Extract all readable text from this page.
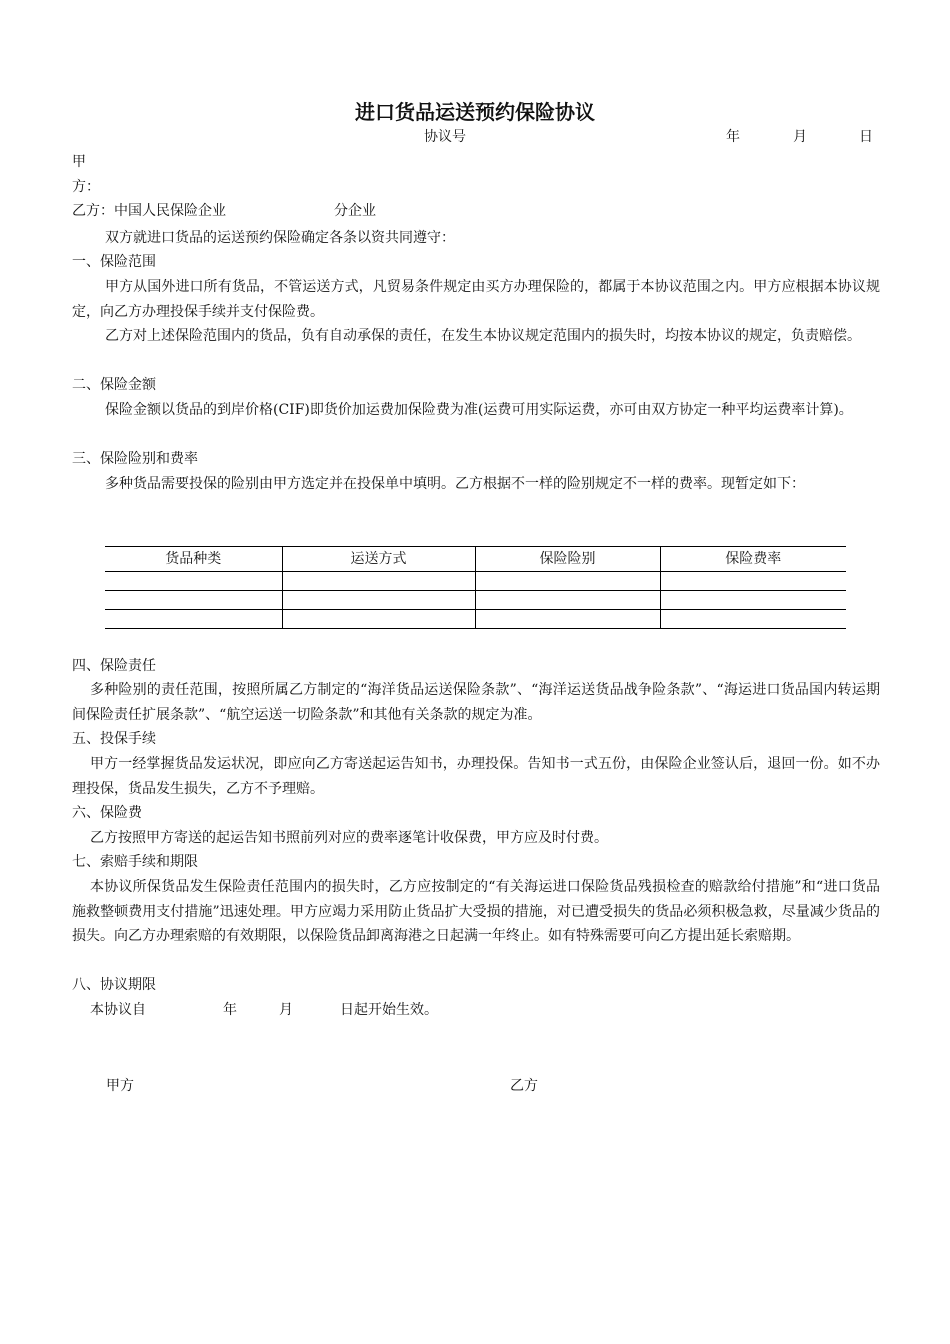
进口货品运送预约保险协议
协议号	年	月	日
甲
方：
乙方：中国人民保险企业	分企业
双方就进口货品的运送预约保险确定各条以资共同遵守：
一、保险范围
甲方从国外进口所有货品，不管运送方式，凡贸易条件规定由买方办理保险的，都属于本协议范围之内。甲方应根据本协议规定，向乙方办理投保手续并支付保险费。
乙方对上述保险范围内的货品，负有自动承保的责任，在发生本协议规定范围内的损失时，均按本协议的规定，负责赔偿。
二、保险金额
保险金额以货品的到岸价格(CIF)即货价加运费加保险费为准(运费可用实际运费，亦可由双方协定一种平均运费率计算)。
三、保险险别和费率
多种货品需要投保的险别由甲方选定并在投保单中填明。乙方根据不一样的险别规定不一样的费率。现暂定如下：
货品种类	运送方式	保险险别	保险费率

四、保险责任
多种险别的责任范围，按照所属乙方制定的“海洋货品运送保险条款”、“海洋运送货品战争险条款”、“海运进口货品国内转运期间保险责任扩展条款”、“航空运送一切险条款”和其他有关条款的规定为准。
五、投保手续
甲方一经掌握货品发运状况，即应向乙方寄送起运告知书，办理投保。告知书一式五份，由保险企业签认后，退回一份。如不办理投保，货品发生损失，乙方不予理赔。
六、保险费
乙方按照甲方寄送的起运告知书照前列对应的费率逐笔计收保费，甲方应及时付费。
七、索赔手续和期限
本协议所保货品发生保险责任范围内的损失时，乙方应按制定的“有关海运进口保险货品残损检查的赔款给付措施”和“进口货品施救整顿费用支付措施”迅速处理。甲方应竭力采用防止货品扩大受损的措施，对已遭受损失的货品必须积极急救，尽量减少货品的损失。向乙方办理索赔的有效期限，以保险货品卸离海港之日起满一年终止。如有特殊需要可向乙方提出延长索赔期。
八、协议期限
本协议自	年	月	日起开始生效。
甲方	乙方
